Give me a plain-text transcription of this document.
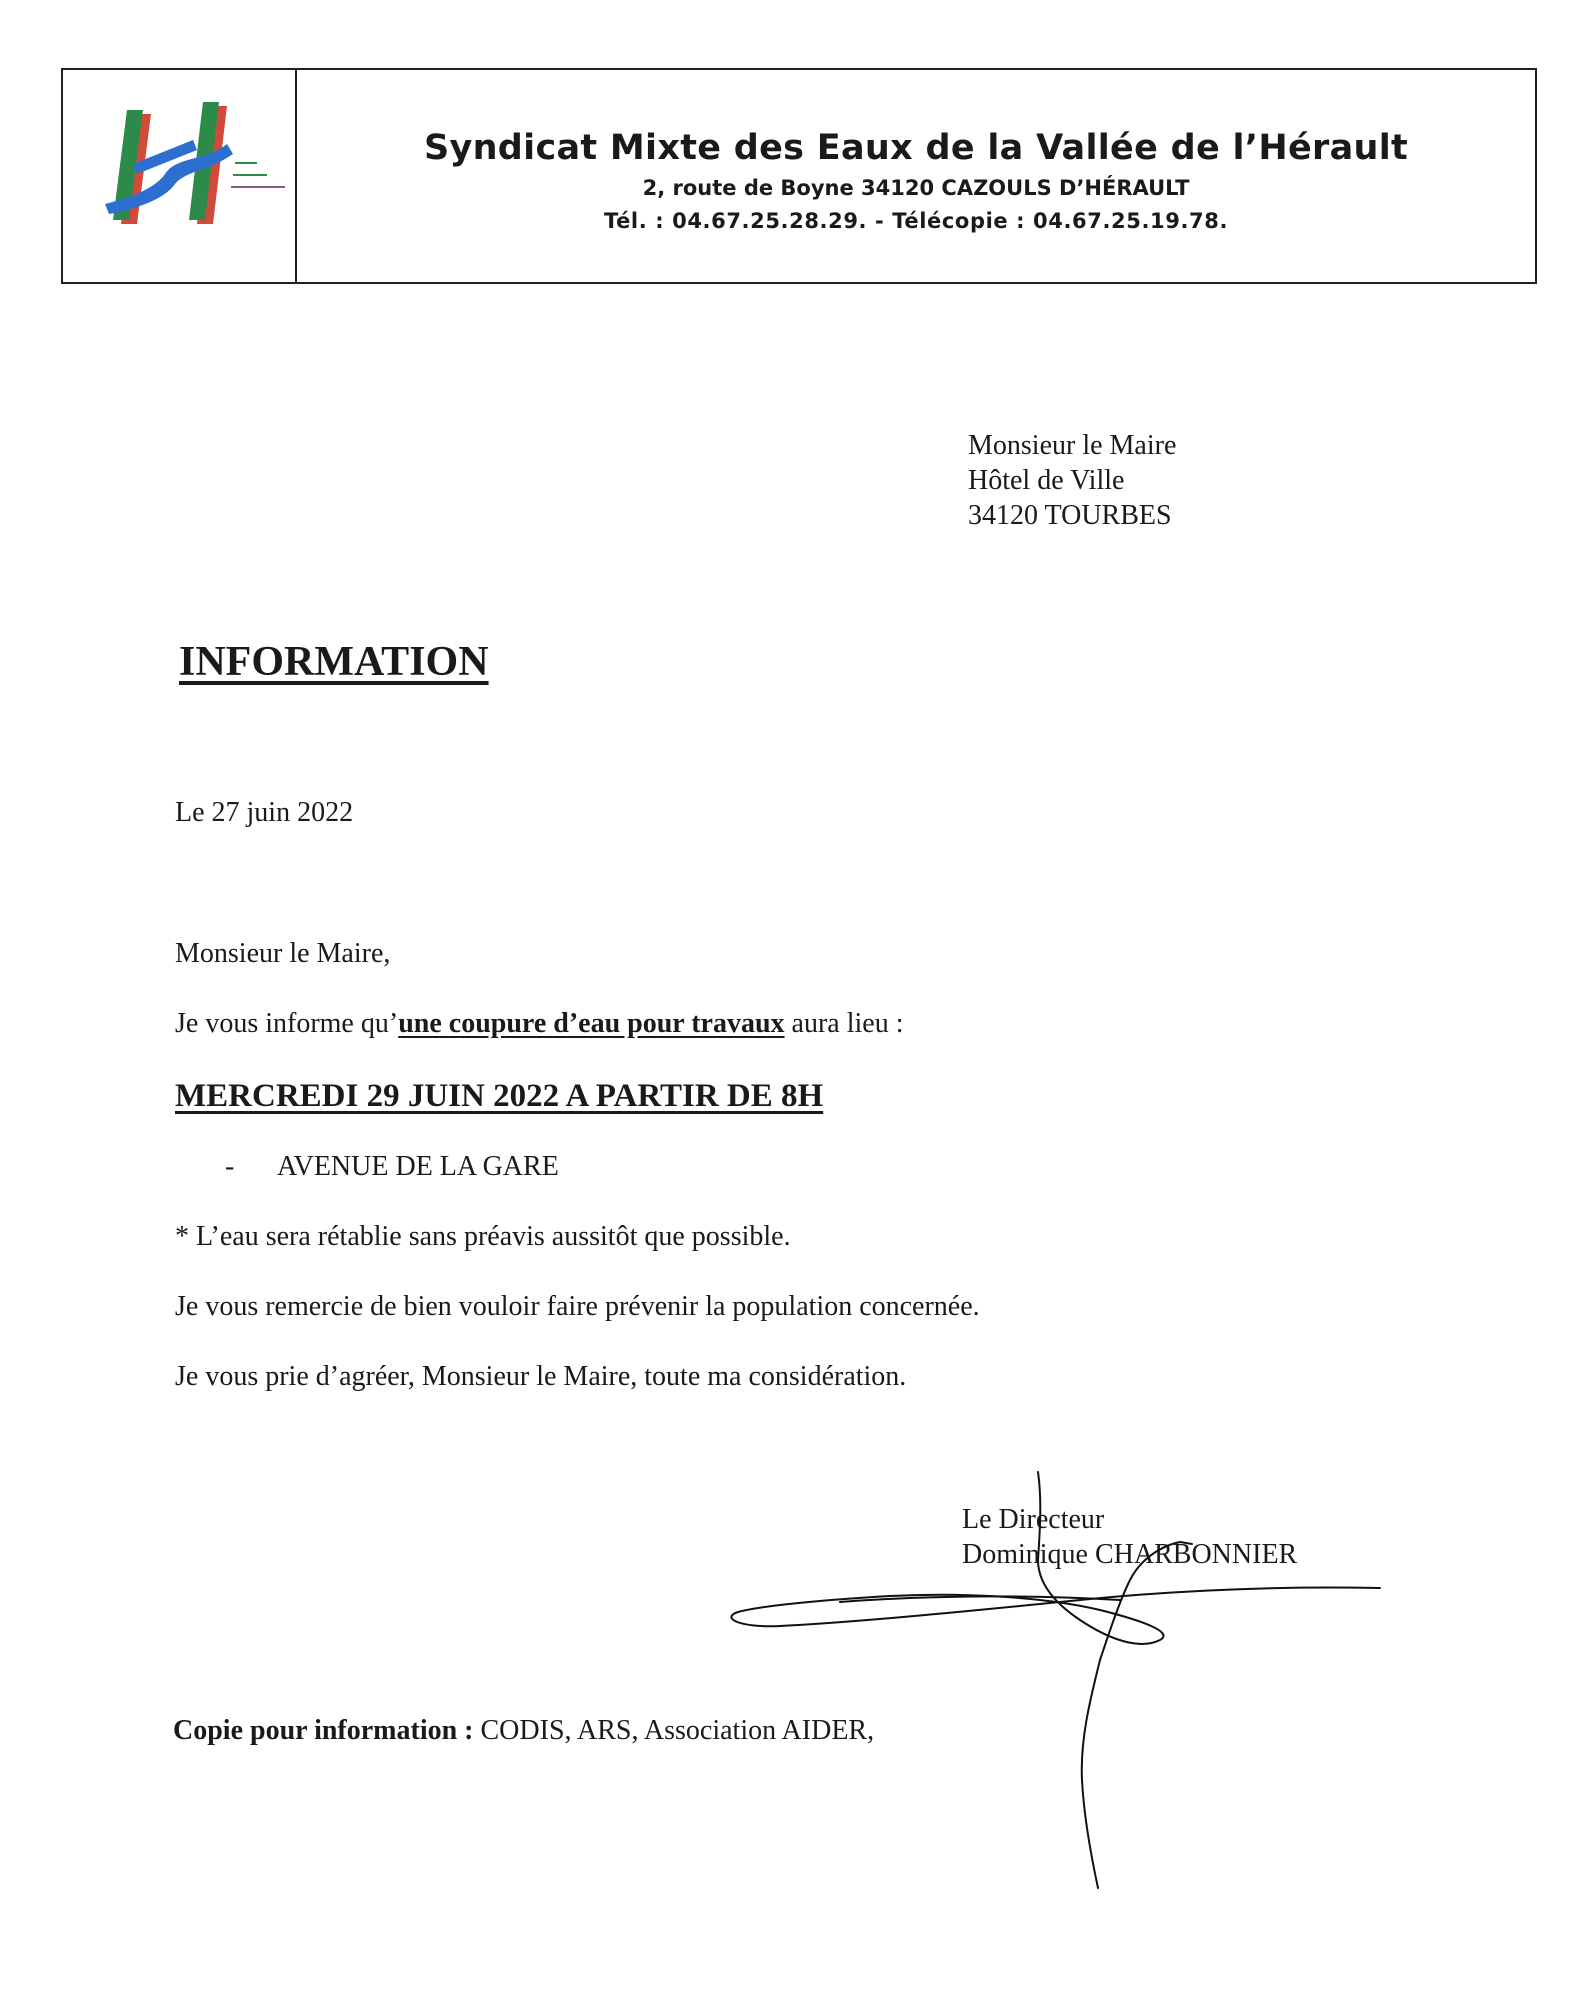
Syndicat Mixte des Eaux de la Vallée de l’Hérault
2, route de Boyne 34120 CAZOULS D’HÉRAULT
Tél. : 04.67.25.28.29. - Télécopie : 04.67.25.19.78.
Monsieur le Maire
Hôtel de Ville
34120 TOURBES
INFORMATION
Le 27 juin 2022
Monsieur le Maire,
Je vous informe qu’une coupure d’eau pour travaux aura lieu :
MERCREDI 29 JUIN 2022 A PARTIR DE 8H
- AVENUE DE LA GARE
* L’eau sera rétablie sans préavis aussitôt que possible.
Je vous remercie de bien vouloir faire prévenir la population concernée.
Je vous prie d’agréer, Monsieur le Maire, toute ma considération.
Le Directeur
Dominique CHARBONNIER
Copie pour information : CODIS, ARS, Association AIDER,
